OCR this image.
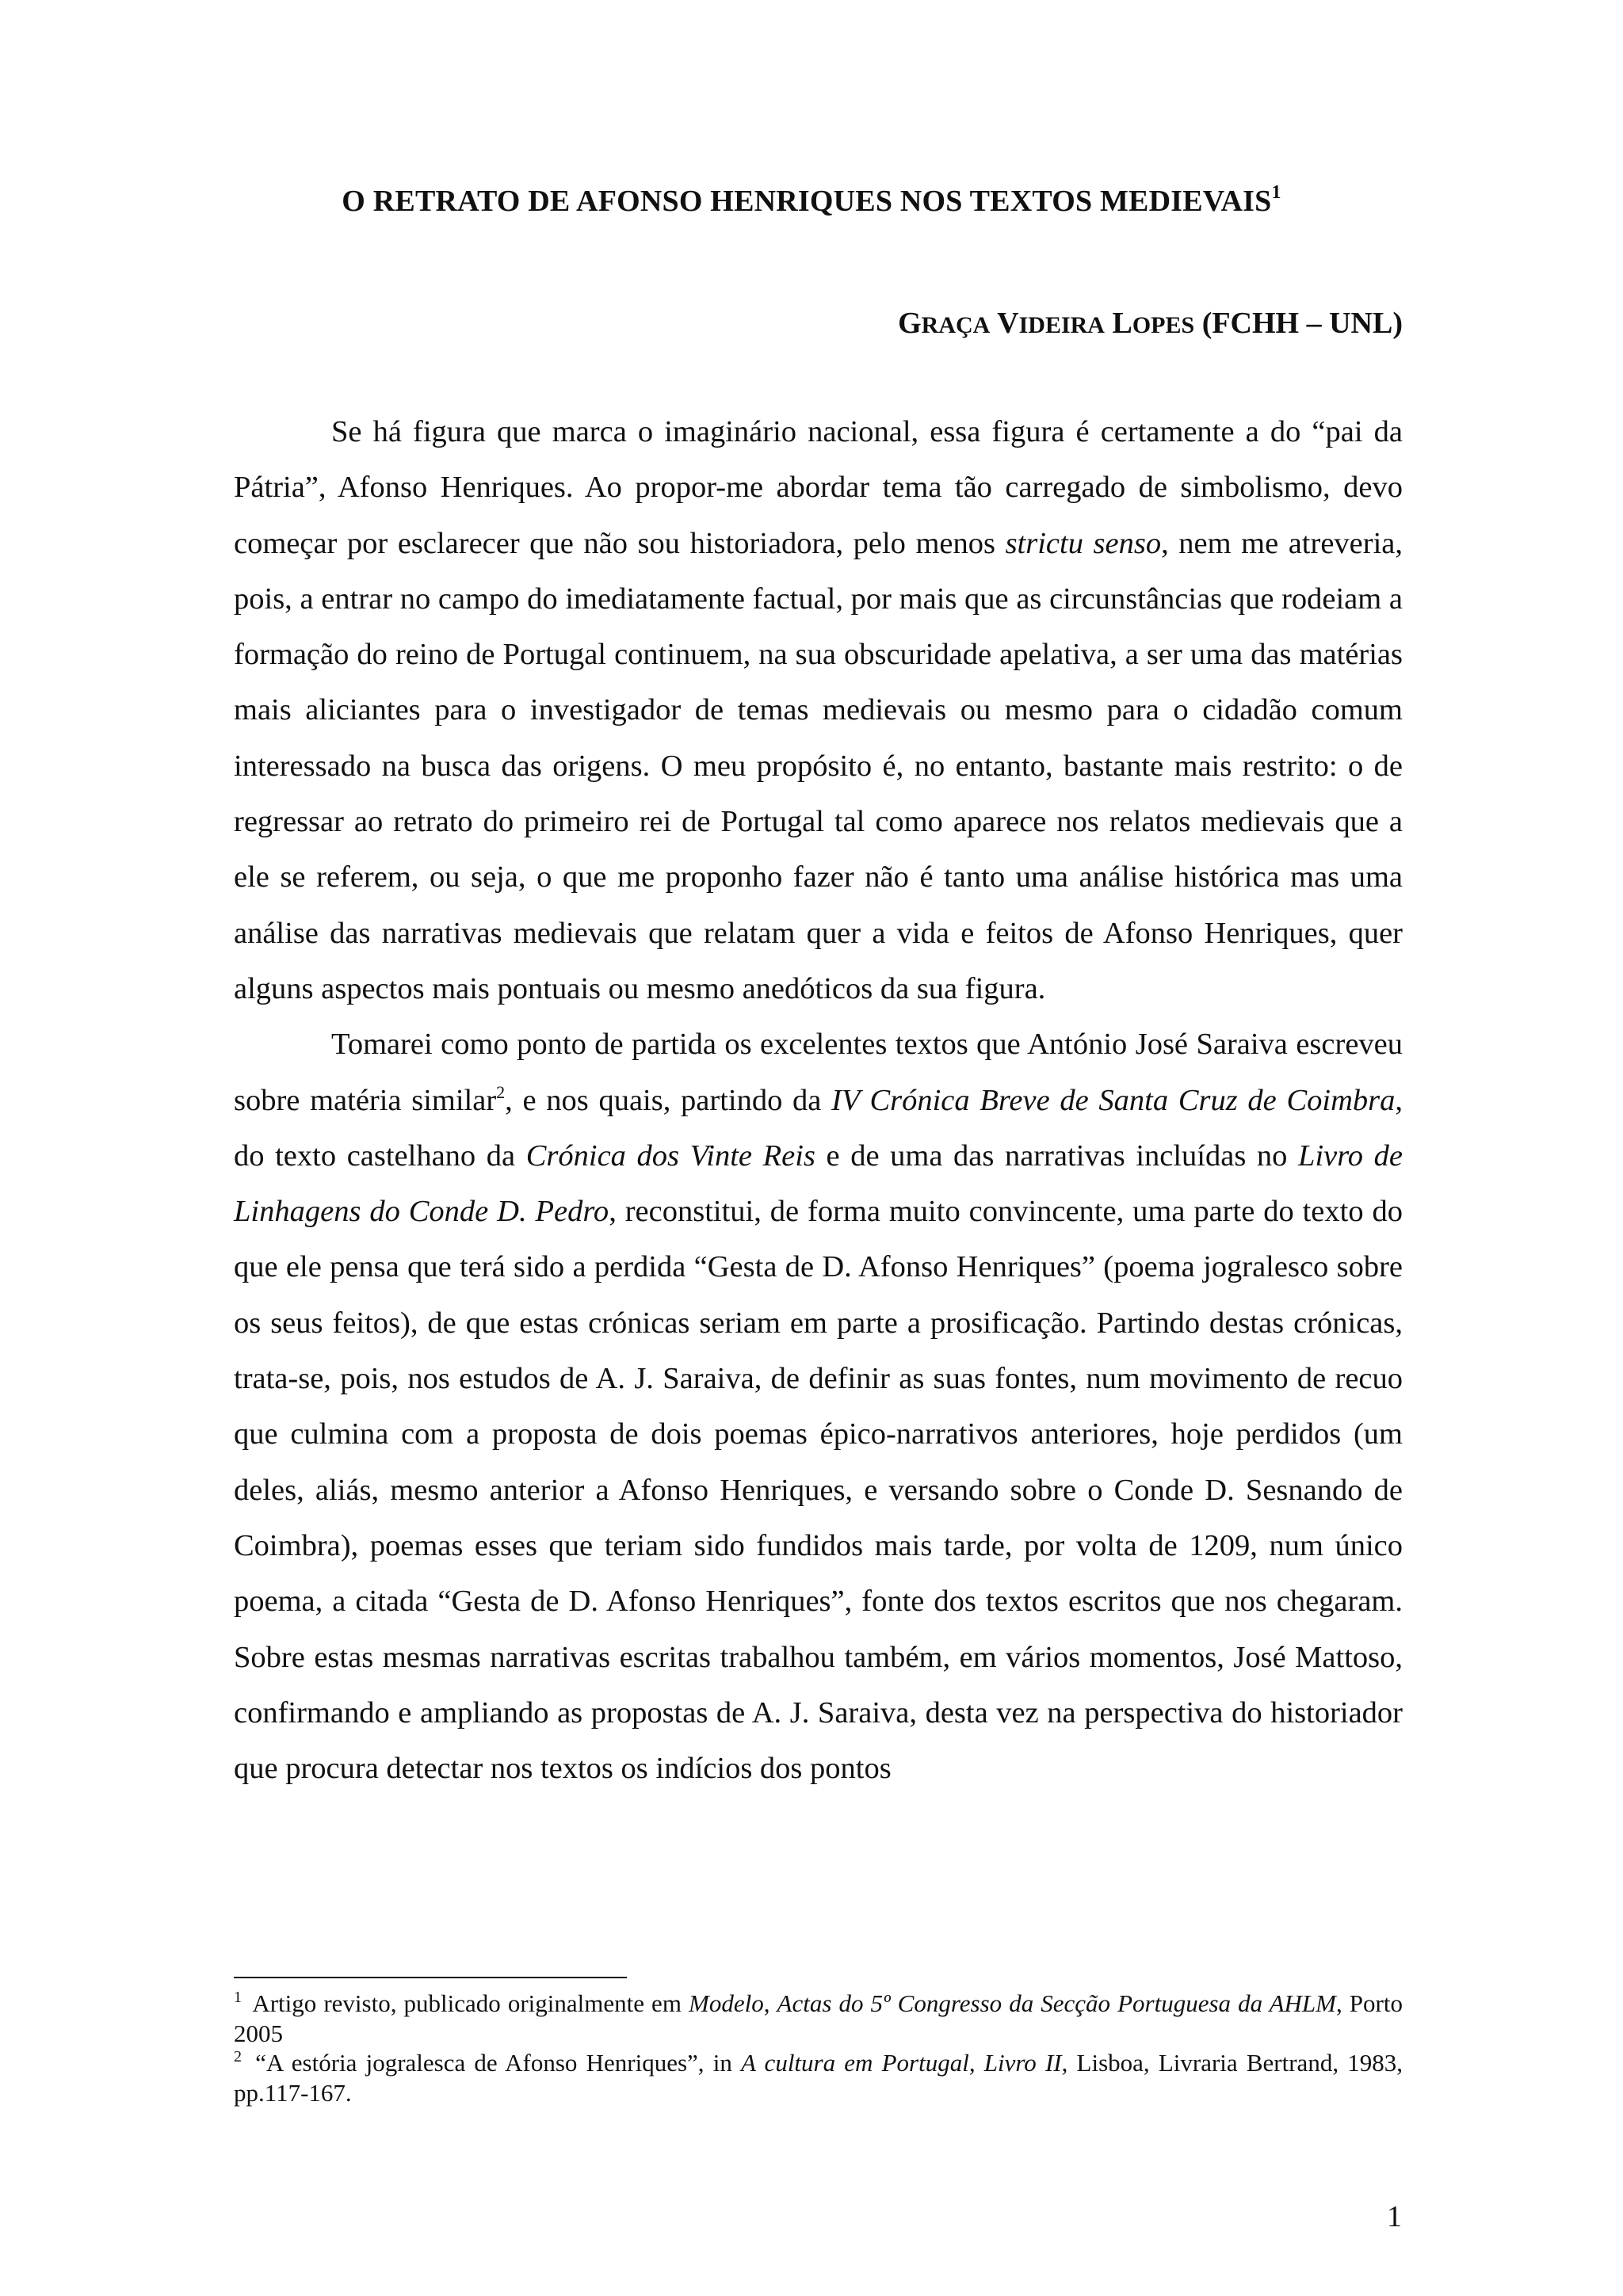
O RETRATO DE AFONSO HENRIQUES NOS TEXTOS MEDIEVAIS$^1$
GRAÇA VIDEIRA LOPES (FCHH – UNL)

Se há figura que marca o imaginário nacional, essa figura é certamente a do “pai da Pátria”, Afonso Henriques. Ao propor-me abordar tema tão carregado de simbolismo, devo começar por esclarecer que não sou historiadora, pelo menos strictu senso, nem me atreveria, pois, a entrar no campo do imediatamente factual, por mais que as circunstâncias que rodeiam a formação do reino de Portugal continuem, na sua obscuridade apelativa, a ser uma das matérias mais aliciantes para o investigador de temas medievais ou mesmo para o cidadão comum interessado na busca das origens. O meu propósito é, no entanto, bastante mais restrito: o de regressar ao retrato do primeiro rei de Portugal tal como aparece nos relatos medievais que a ele se referem, ou seja, o que me proponho fazer não é tanto uma análise histórica mas uma análise das narrativas medievais que relatam quer a vida e feitos de Afonso Henriques, quer alguns aspectos mais pontuais ou mesmo anedóticos da sua figura.

Tomarei como ponto de partida os excelentes textos que António José Saraiva escreveu sobre matéria similar$^2$, e nos quais, partindo da IV Crónica Breve de Santa Cruz de Coimbra, do texto castelhano da Crónica dos Vinte Reis e de uma das narrativas incluídas no Livro de Linhagens do Conde D. Pedro, reconstitui, de forma muito convincente, uma parte do texto do que ele pensa que terá sido a perdida “Gesta de D. Afonso Henriques” (poema jogralesco sobre os seus feitos), de que estas crónicas seriam em parte a prosificação. Partindo destas crónicas, trata-se, pois, nos estudos de A. J. Saraiva, de definir as suas fontes, num movimento de recuo que culmina com a proposta de dois poemas épico-narrativos anteriores, hoje perdidos (um deles, aliás, mesmo anterior a Afonso Henriques, e versando sobre o Conde D. Sesnando de Coimbra), poemas esses que teriam sido fundidos mais tarde, por volta de 1209, num único poema, a citada “Gesta de D. Afonso Henriques”, fonte dos textos escritos que nos chegaram. Sobre estas mesmas narrativas escritas trabalhou também, em vários momentos, José Mattoso, confirmando e ampliando as propostas de A. J. Saraiva, desta vez na perspectiva do historiador que procura detectar nos textos os indícios dos pontos

$^1$ Artigo revisto, publicado originalmente em Modelo, Actas do 5º Congresso da Secção Portuguesa da AHLM, Porto 2005

$^2$ “A estória jogralesca de Afonso Henriques”, in A cultura em Portugal, Livro II, Lisboa, Livraria Bertrand, 1983, pp.117-167.

1
